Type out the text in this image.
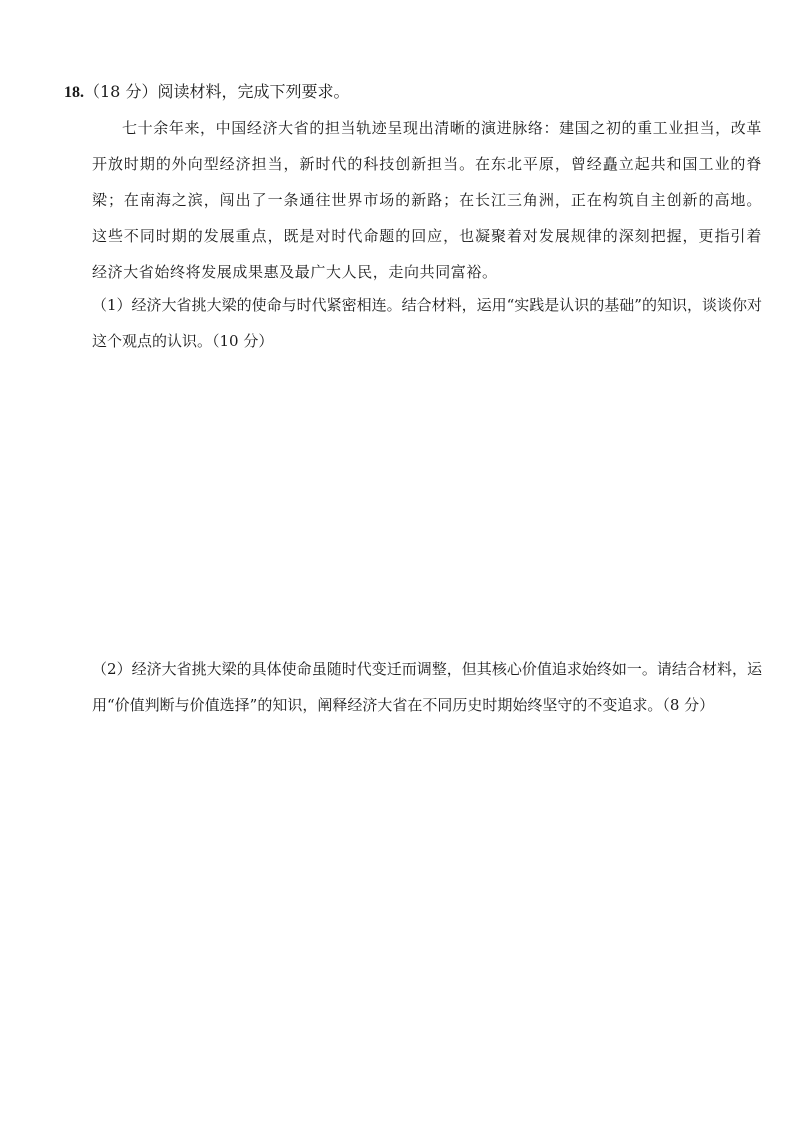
18.（18 分）阅读材料，完成下列要求。
七十余年来，中国经济大省的担当轨迹呈现出清晰的演进脉络：建国之初的重工业担当，改革开放时期的外向型经济担当，新时代的科技创新担当。在东北平原，曾经矗立起共和国工业的脊梁；在南海之滨，闯出了一条通往世界市场的新路；在长江三角洲，正在构筑自主创新的高地。这些不同时期的发展重点，既是对时代命题的回应，也凝聚着对发展规律的深刻把握，更指引着经济大省始终将发展成果惠及最广大人民，走向共同富裕。
（1）经济大省挑大梁的使命与时代紧密相连。结合材料，运用“实践是认识的基础”的知识，谈谈你对这个观点的认识。（10 分）
（2）经济大省挑大梁的具体使命虽随时代变迁而调整，但其核心价值追求始终如一。请结合材料，运用“价值判断与价值选择”的知识，阐释经济大省在不同历史时期始终坚守的不变追求。（8 分）
